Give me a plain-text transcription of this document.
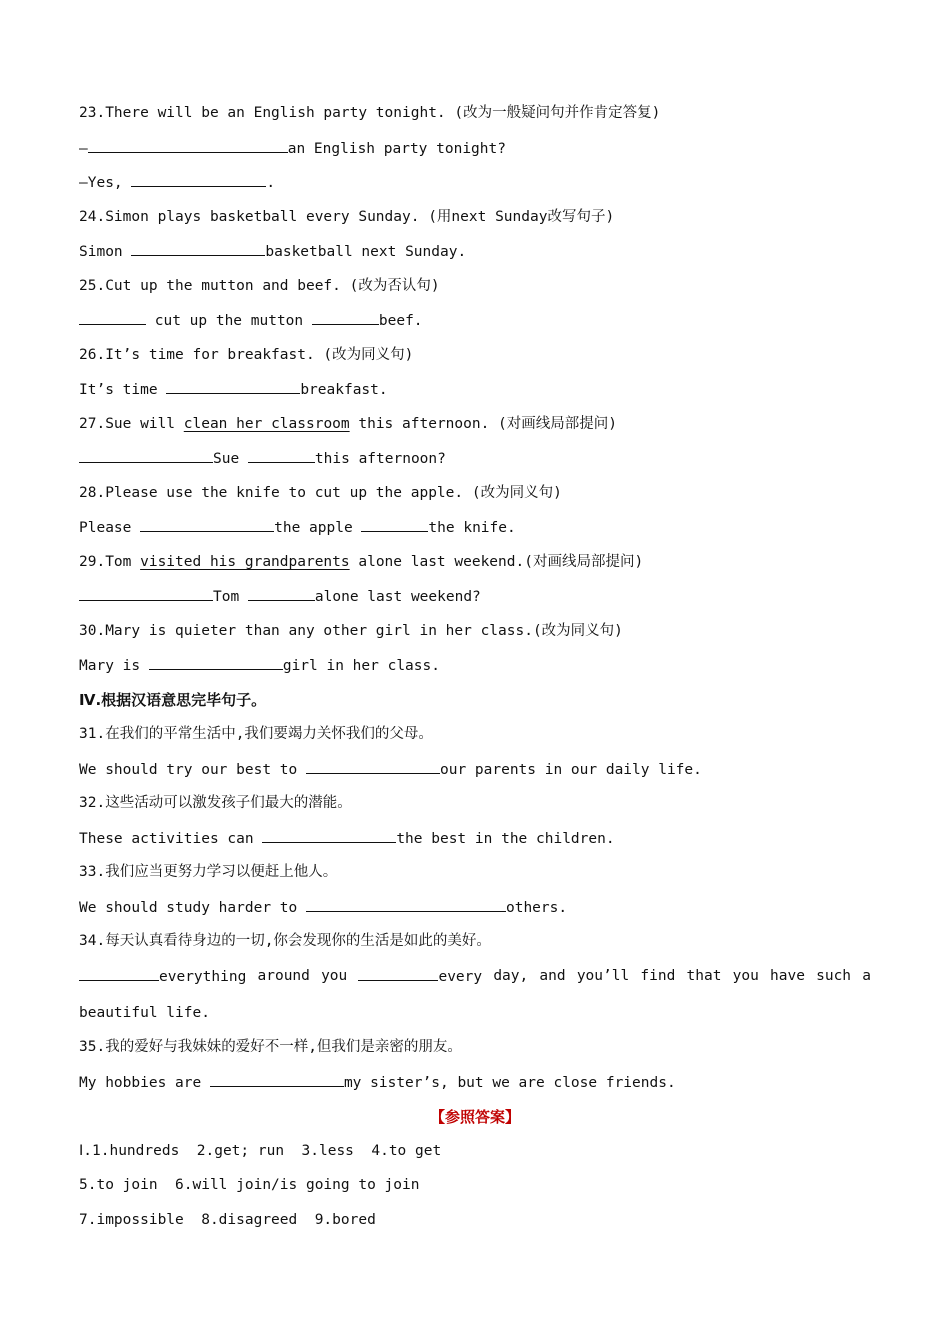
23.There will be an English party tonight. (改为一般疑问句并作肯定答复)
—	an English party tonight?
—Yes,	.
24.Simon plays basketball every Sunday. (用next Sunday改写句子)
Simon	basketball next Sunday.
25.Cut up the mutton and beef. (改为否认句)
cut up the mutton	beef.
26.It’s time for breakfast. (改为同义句)
It’s time	breakfast.
27.Sue will clean her classroom this afternoon. (对画线局部提问)
Sue	this afternoon?
28.Please use the knife to cut up the apple. (改为同义句)
Please	the apple	the knife.
29.Tom visited his grandparents alone last weekend.(对画线局部提问)
Tom	alone last weekend?
30.Mary is quieter than any other girl in her class.(改为同义句)
Mary is	girl in her class.
Ⅳ.根据汉语意思完毕句子。
31.在我们的平常生活中,我们要竭力关怀我们的父母。
We should try our best to	our parents in our daily life.
32.这些活动可以激发孩子们最大的潜能。
These activities can	the best in the children.
33.我们应当更努力学习以便赶上他人。
We should study harder to	others.
34.每天认真看待身边的一切,你会发现你的生活是如此的美好。
everything around you	every day, and you’ll find that you have such a
beautiful life.
35.我的爱好与我妹妹的爱好不一样,但我们是亲密的朋友。
My hobbies are	my sister’s, but we are close friends.
【参照答案】
Ⅰ.1.hundreds  2.get; run  3.less  4.to get
5.to join  6.will join/is going to join
7.impossible  8.disagreed  9.bored
